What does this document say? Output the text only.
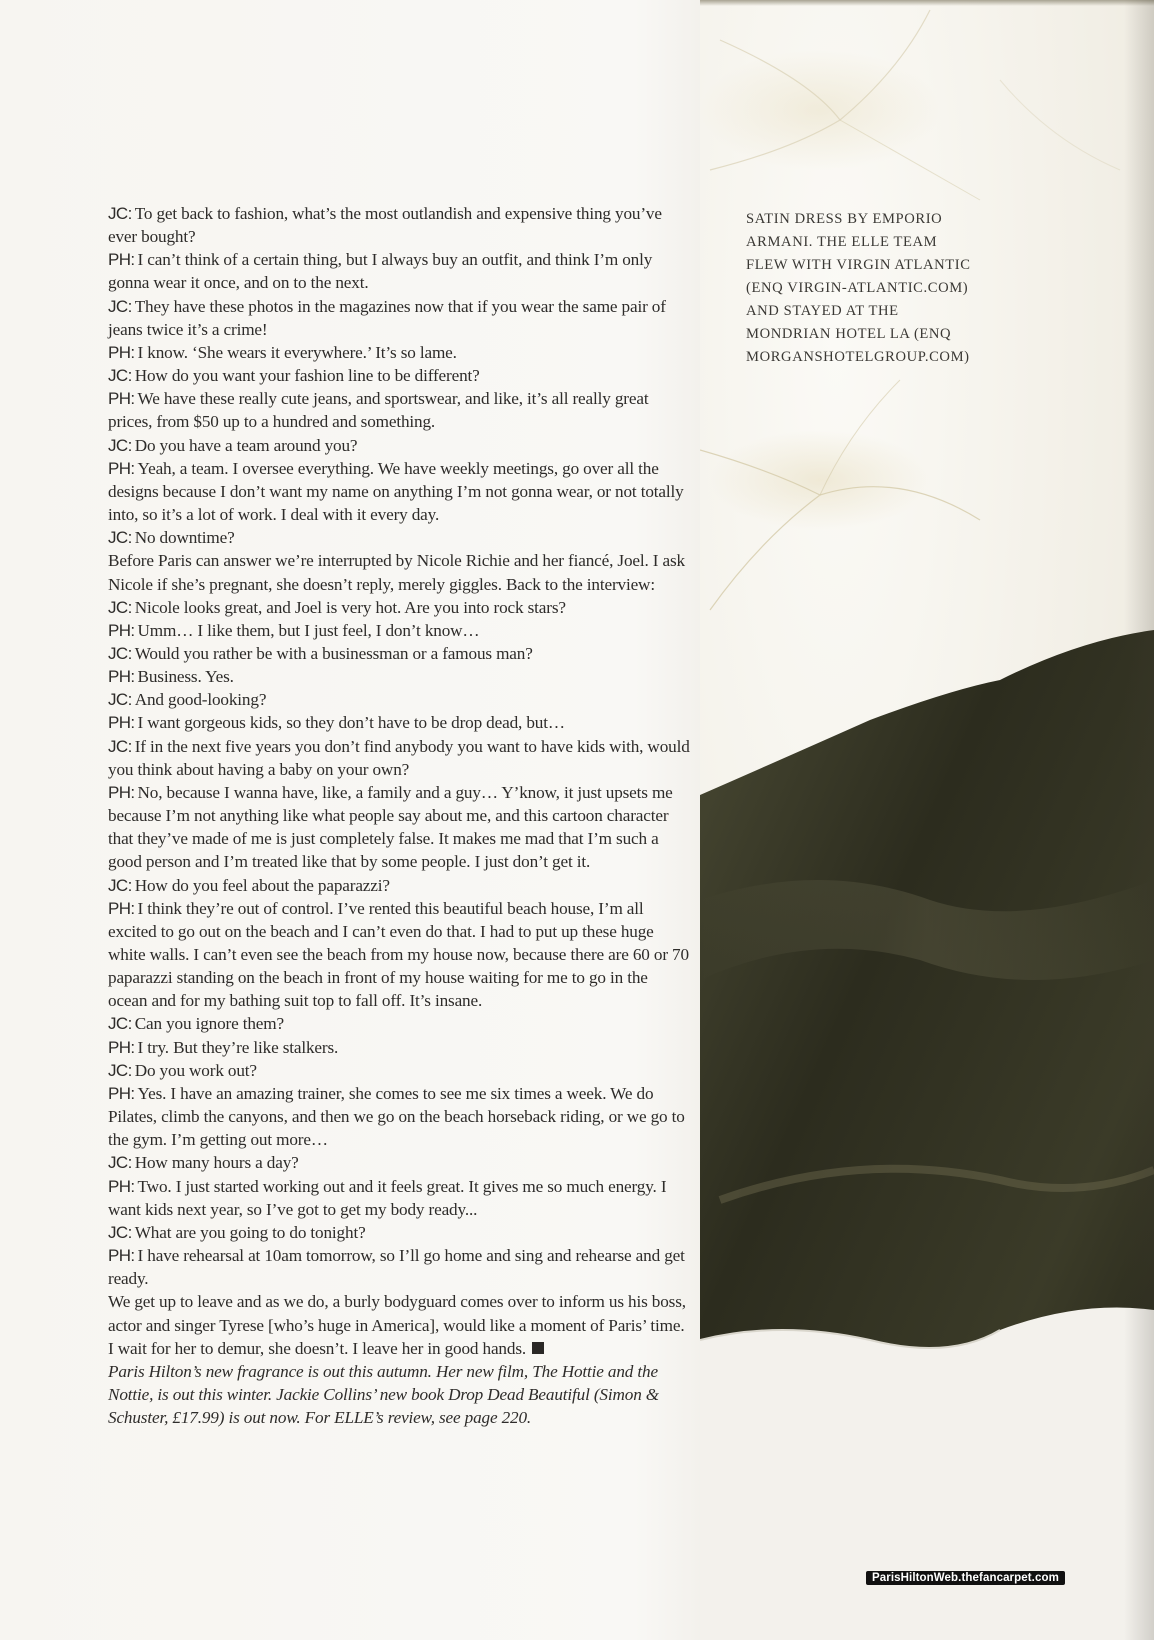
JC: To get back to fashion, what’s the most outlandish and expensive thing you’ve ever bought?

PH: I can’t think of a certain thing, but I always buy an outfit, and think I’m only gonna wear it once, and on to the next.

JC: They have these photos in the magazines now that if you wear the same pair of jeans twice it’s a crime!

PH: I know. ‘She wears it everywhere.’ It’s so lame.

JC: How do you want your fashion line to be different?

PH: We have these really cute jeans, and sportswear, and like, it’s all really great prices, from $50 up to a hundred and something.

JC: Do you have a team around you?

PH: Yeah, a team. I oversee everything. We have weekly meetings, go over all the designs because I don’t want my name on anything I’m not gonna wear, or not totally into, so it’s a lot of work. I deal with it every day.

JC: No downtime?

Before Paris can answer we’re interrupted by Nicole Richie and her fiancé, Joel. I ask Nicole if she’s pregnant, she doesn’t reply, merely giggles. Back to the interview:

JC: Nicole looks great, and Joel is very hot. Are you into rock stars?

PH: Umm… I like them, but I just feel, I don’t know…

JC: Would you rather be with a businessman or a famous man?

PH: Business. Yes.

JC: And good-looking?

PH: I want gorgeous kids, so they don’t have to be drop dead, but…

JC: If in the next five years you don’t find anybody you want to have kids with, would you think about having a baby on your own?

PH: No, because I wanna have, like, a family and a guy… Y’know, it just upsets me because I’m not anything like what people say about me, and this cartoon character that they’ve made of me is just completely false. It makes me mad that I’m such a good person and I’m treated like that by some people. I just don’t get it.

JC: How do you feel about the paparazzi?

PH: I think they’re out of control. I’ve rented this beautiful beach house, I’m all excited to go out on the beach and I can’t even do that. I had to put up these huge white walls. I can’t even see the beach from my house now, because there are 60 or 70 paparazzi standing on the beach in front of my house waiting for me to go in the ocean and for my bathing suit top to fall off. It’s insane.

JC: Can you ignore them?

PH: I try. But they’re like stalkers.

JC: Do you work out?

PH: Yes. I have an amazing trainer, she comes to see me six times a week. We do Pilates, climb the canyons, and then we go on the beach horseback riding, or we go to the gym. I’m getting out more…

JC: How many hours a day?

PH: Two. I just started working out and it feels great. It gives me so much energy. I want kids next year, so I’ve got to get my body ready...

JC: What are you going to do tonight?

PH: I have rehearsal at 10am tomorrow, so I’ll go home and sing and rehearse and get ready.

We get up to leave and as we do, a burly bodyguard comes over to inform us his boss, actor and singer Tyrese [who’s huge in America], would like a moment of Paris’ time. I wait for her to demur, she doesn’t. I leave her in good hands.

Paris Hilton’s new fragrance is out this autumn. Her new film, The Hottie and the Nottie, is out this winter. Jackie Collins’ new book Drop Dead Beautiful (Simon & Schuster, £17.99) is out now. For ELLE’s review, see page 220.

SATIN DRESS BY EMPORIO
ARMANI. THE ELLE TEAM
FLEW WITH VIRGIN ATLANTIC
(ENQ VIRGIN-ATLANTIC.COM)
AND STAYED AT THE
MONDRIAN HOTEL LA (ENQ
MORGANSHOTELGROUP.COM)
ParisHiltonWeb.thefancarpet.com
